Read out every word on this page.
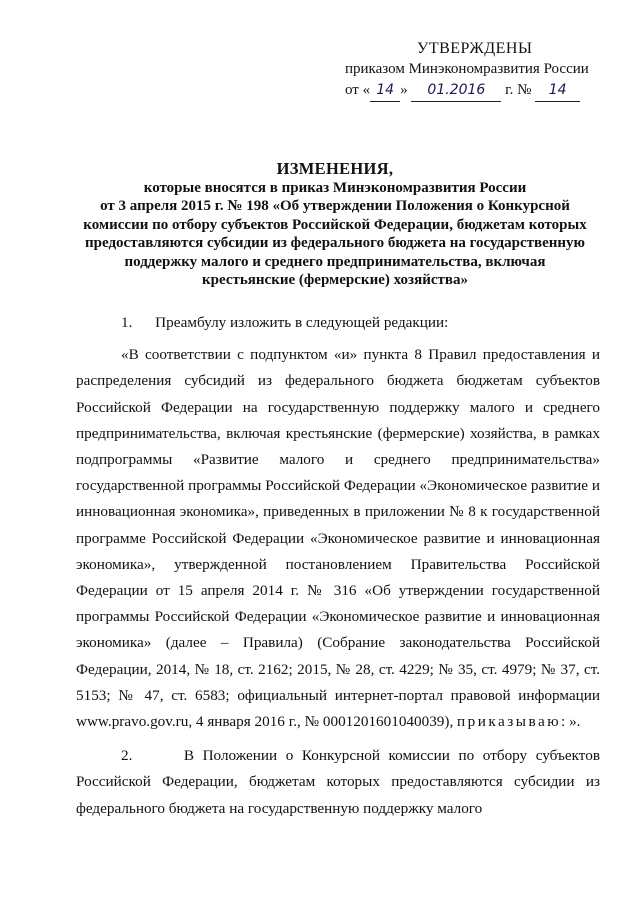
УТВЕРЖДЕНЫ
приказом Минэкономразвития России
от « 14 » 01.2016 г. № 14
ИЗМЕНЕНИЯ,
которые вносятся в приказ Минэкономразвития России
от 3 апреля 2015 г. № 198 «Об утверждении Положения о Конкурсной
комиссии по отбору субъектов Российской Федерации, бюджетам которых
предоставляются субсидии из федерального бюджета на государственную
поддержку малого и среднего предпринимательства, включая
крестьянские (фермерские) хозяйства»

1.      Преамбулу изложить в следующей редакции:

«В соответствии с подпунктом «и» пункта 8 Правил предоставления и распределения субсидий из федерального бюджета бюджетам субъектов Российской Федерации на государственную поддержку малого и среднего предпринимательства, включая крестьянские (фермерские) хозяйства, в рамках подпрограммы «Развитие малого и среднего предпринимательства» государственной программы Российской Федерации «Экономическое развитие и инновационная экономика», приведенных в приложении № 8 к государственной программе Российской Федерации «Экономическое развитие и инновационная экономика», утвержденной постановлением Правительства Российской Федерации от 15 апреля 2014 г. № 316 «Об утверждении государственной программы Российской Федерации «Экономическое развитие и инновационная экономика» (далее – Правила) (Собрание законодательства Российской Федерации, 2014, № 18, ст. 2162; 2015, № 28, ст. 4229; № 35, ст. 4979; № 37, ст. 5153; № 47, ст. 6583; официальный интернет-портал правовой информации www.pravo.gov.ru, 4 января 2016 г., № 0001201601040039), приказываю: ».

2.      В Положении о Конкурсной комиссии по отбору субъектов Российской Федерации, бюджетам которых предоставляются субсидии из федерального бюджета на государственную поддержку малого
